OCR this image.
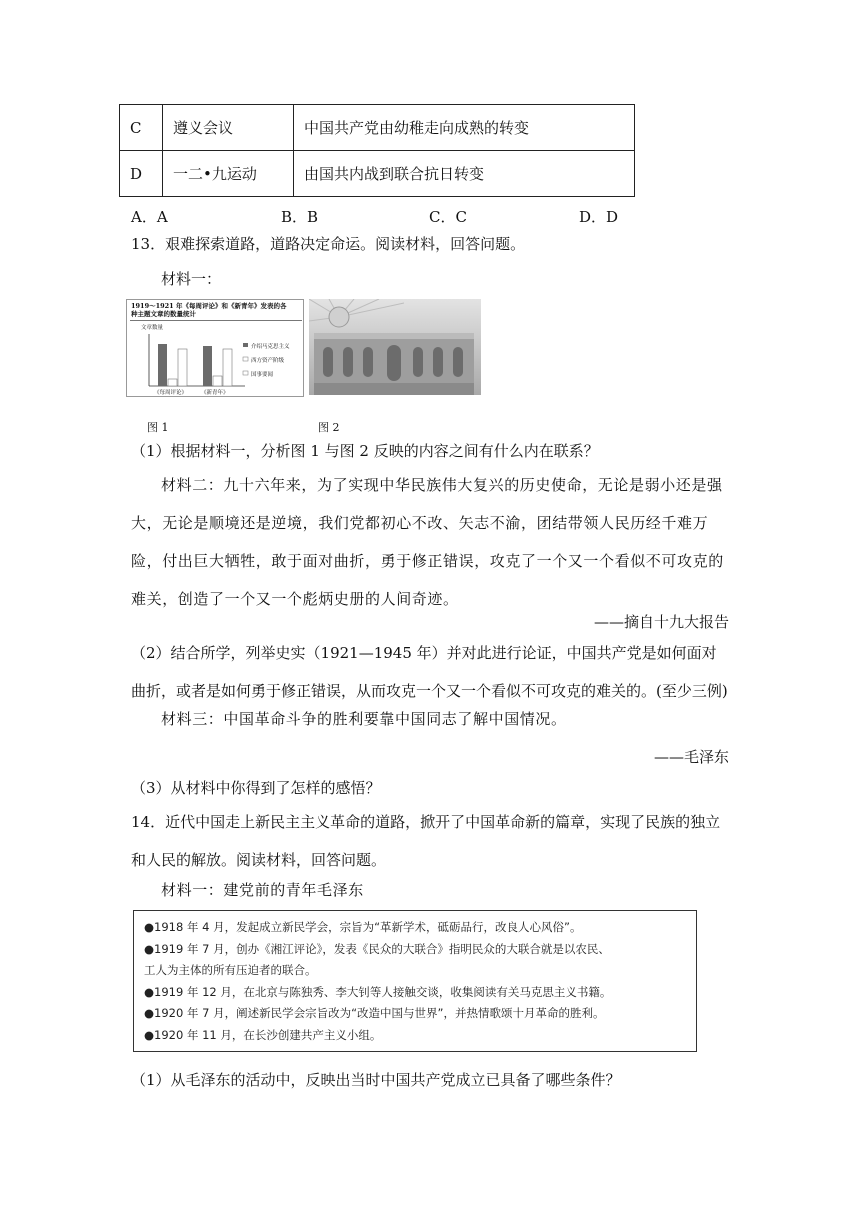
C	遵义会议	中国共产党由幼稚走向成熟的转变
D	一二•九运动	由国共内战到联合抗日转变
A．A	B．B	C．C	D．D
13．艰难探索道路，道路决定命运。阅读材料，回答问题。
材料一：
1919～1921 年《每周评论》和《新青年》发表的各种主题文章的数量统计
文章数量
介绍马克思主义
西方资产阶级
国事要闻
《每周评论》	《新青年》
图 1	图 2
（1）根据材料一，分析图 1 与图 2 反映的内容之间有什么内在联系？
材料二：九十六年来，为了实现中华民族伟大复兴的历史使命，无论是弱小还是强大，无论是顺境还是逆境，我们党都初心不改、矢志不渝，团结带领人民历经千难万险，付出巨大牺牲，敢于面对曲折，勇于修正错误，攻克了一个又一个看似不可攻克的难关，创造了一个又一个彪炳史册的人间奇迹。
——摘自十九大报告
（2）结合所学，列举史实（1921—1945 年）并对此进行论证，中国共产党是如何面对曲折，或者是如何勇于修正错误，从而攻克一个又一个看似不可攻克的难关的。(至少三例)
材料三：中国革命斗争的胜利要靠中国同志了解中国情况。
——毛泽东
（3）从材料中你得到了怎样的感悟？
14．近代中国走上新民主主义革命的道路，掀开了中国革命新的篇章，实现了民族的独立和人民的解放。阅读材料，回答问题。
材料一：建党前的青年毛泽东
●1918 年 4 月，发起成立新民学会，宗旨为“革新学术，砥砺品行，改良人心风俗”。
●1919 年 7 月，创办《湘江评论》，发表《民众的大联合》指明民众的大联合就是以农民、
工人为主体的所有压迫者的联合。
●1919 年 12 月，在北京与陈独秀、李大钊等人接触交谈，收集阅读有关马克思主义书籍。
●1920 年 7 月，阐述新民学会宗旨改为“改造中国与世界”，并热情歌颂十月革命的胜利。
●1920 年 11 月，在长沙创建共产主义小组。
（1）从毛泽东的活动中，反映出当时中国共产党成立已具备了哪些条件？
